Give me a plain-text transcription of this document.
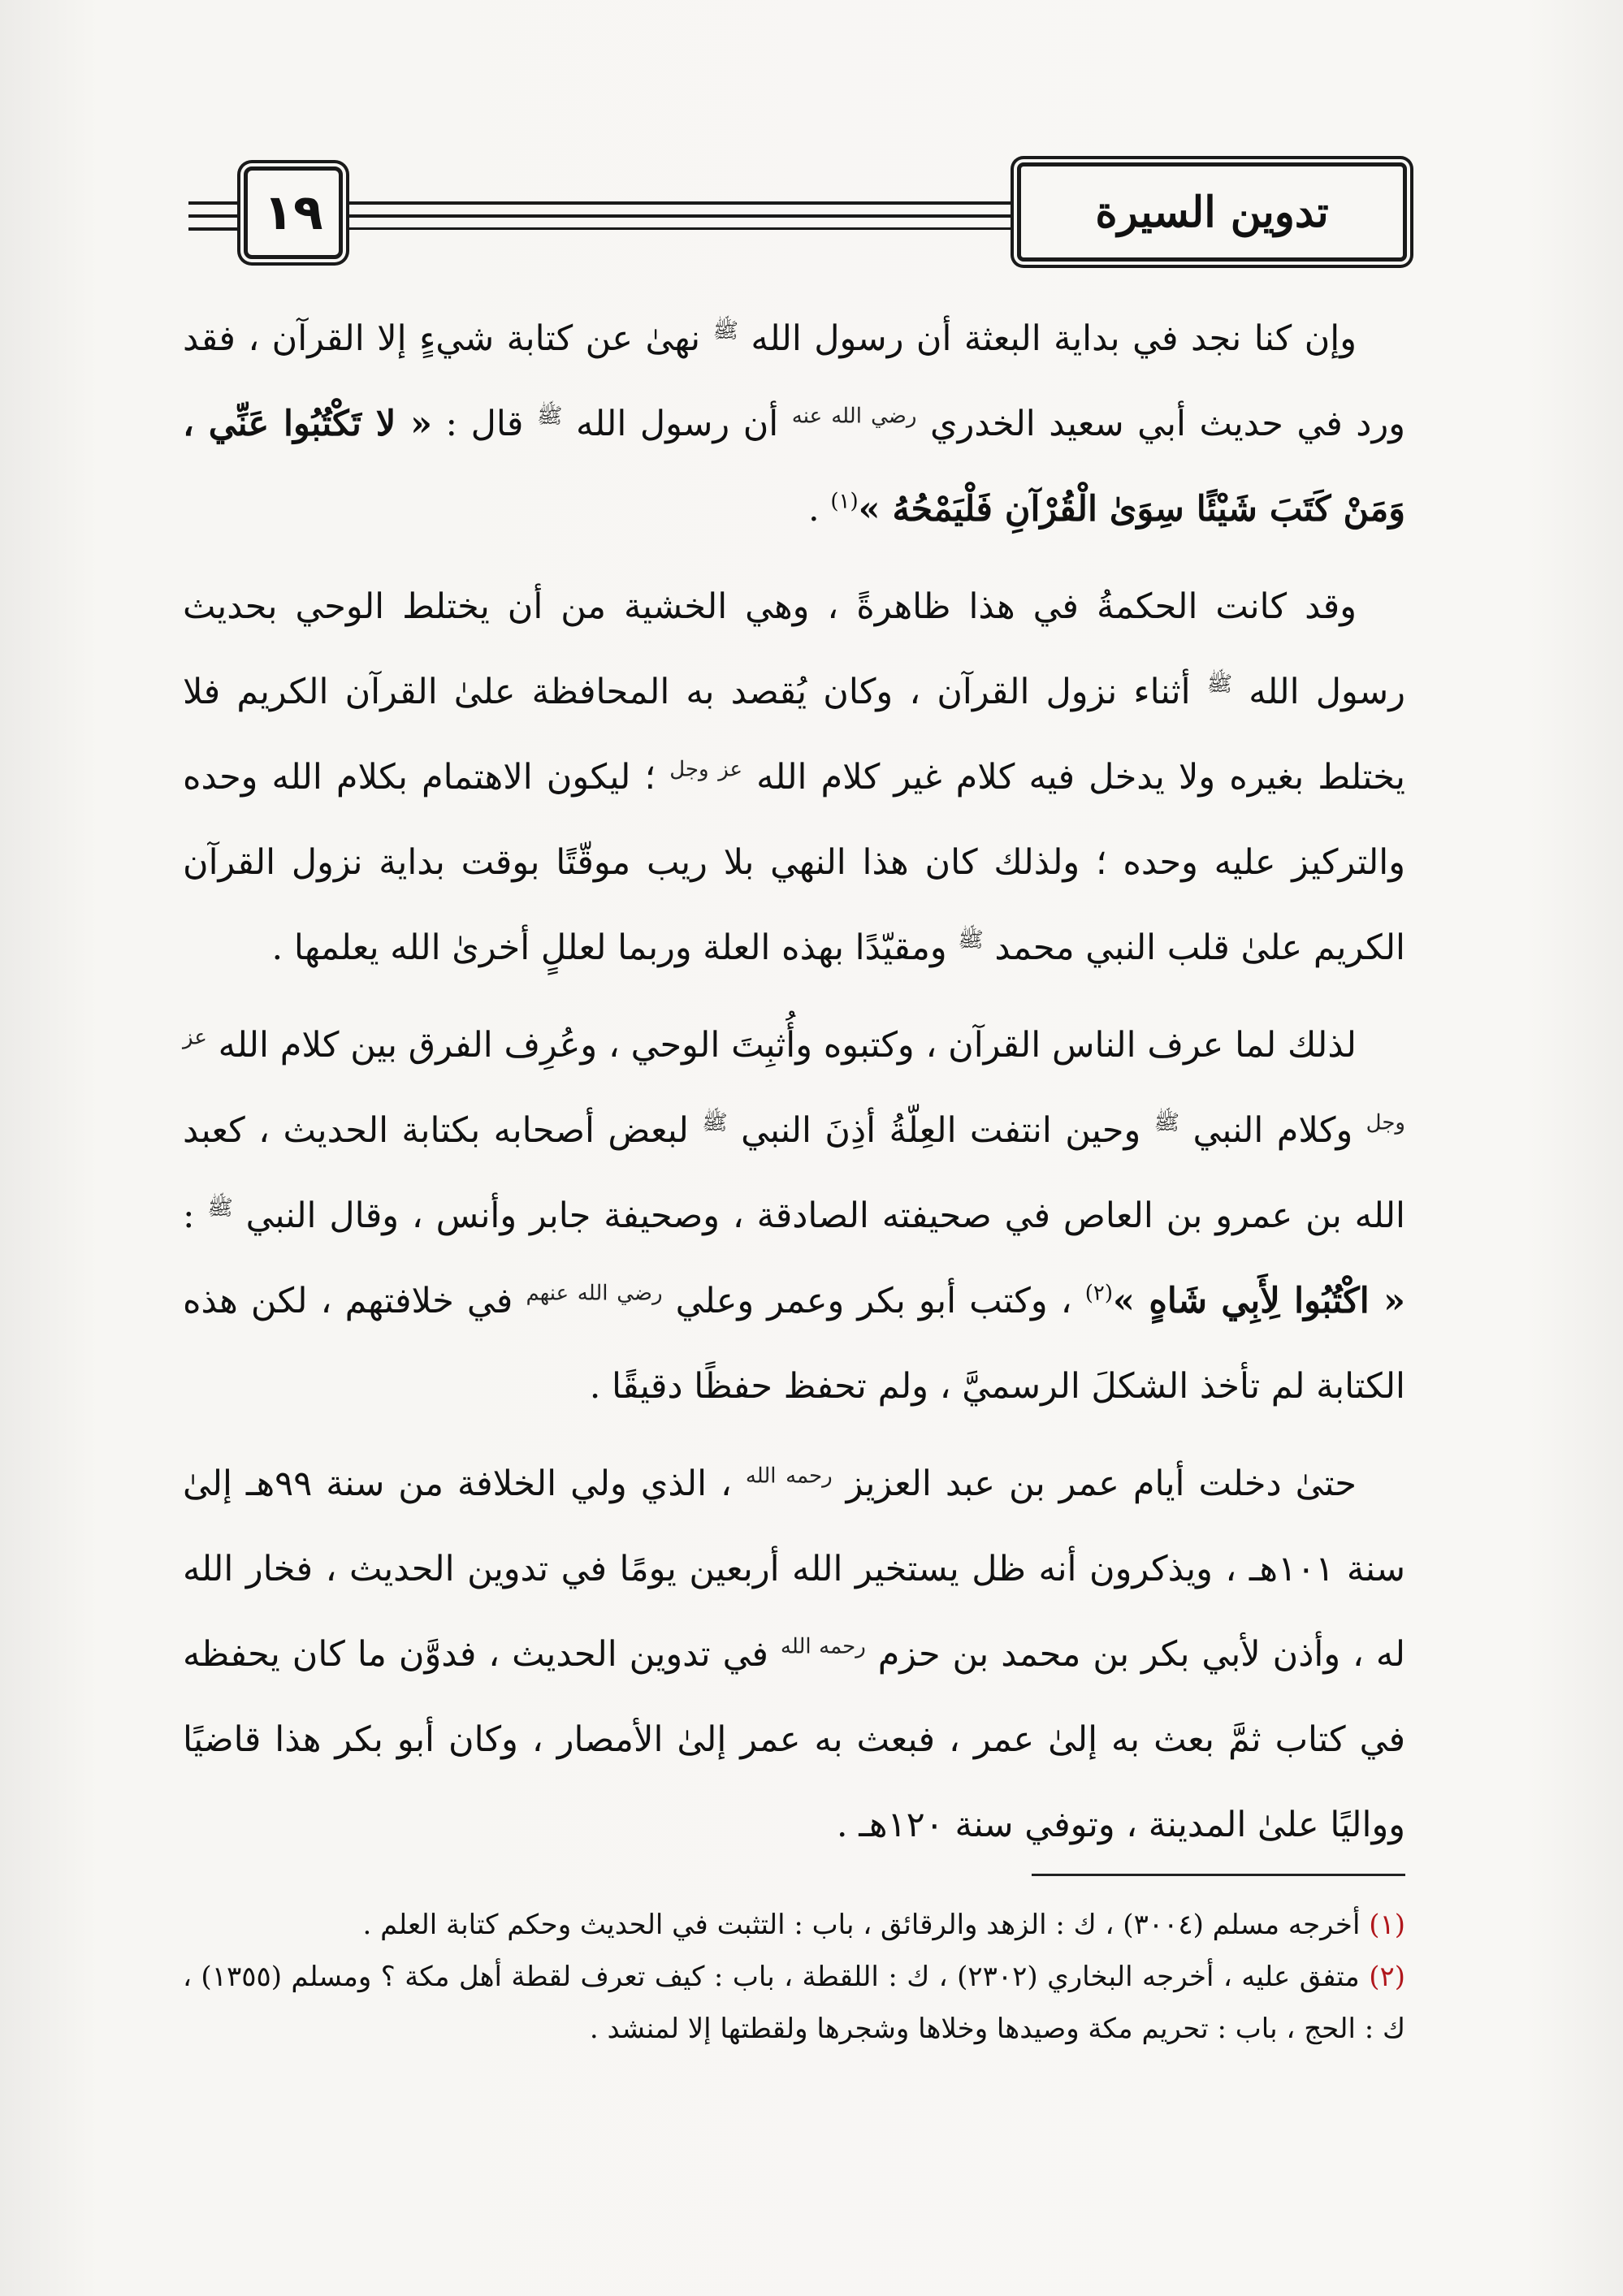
١٩	تدوين السيرة

وإن كنا نجد في بداية البعثة أن رسول الله $^ﷺ$ نهىٰ عن كتابة شيءٍ إلا القرآن ، فقد ورد في حديث أبي سعيد الخدري $^{رضي الله عنه}$ أن رسول الله $^ﷺ$ قال : « لا تَكْتُبُوا عَنِّي ، وَمَنْ كَتَبَ شَيْئًا سِوَىٰ الْقُرْآنِ فَلْيَمْحُهُ »$^{(١)}$ .

وقد كانت الحكمةُ في هذا ظاهرةً ، وهي الخشية من أن يختلط الوحي بحديث رسول الله $^ﷺ$ أثناء نزول القرآن ، وكان يُقصد به المحافظة علىٰ القرآن الكريم فلا يختلط بغيره ولا يدخل فيه كلام غير كلام الله $^{عز وجل}$ ؛ ليكون الاهتمام بكلام الله وحده والتركيز عليه وحده ؛ ولذلك كان هذا النهي بلا ريب موقّتًا بوقت بداية نزول القرآن الكريم علىٰ قلب النبي محمد $^ﷺ$ ومقيّدًا بهذه العلة وربما لعللٍ أخرىٰ الله يعلمها .

لذلك لما عرف الناس القرآن ، وكتبوه وأُثبِتَ الوحي ، وعُرِف الفرق بين كلام الله $^{عز وجل}$ وكلام النبي $^ﷺ$ وحين انتفت العِلّةُ أذِنَ النبي $^ﷺ$ لبعض أصحابه بكتابة الحديث ، كعبد الله بن عمرو بن العاص في صحيفته الصادقة ، وصحيفة جابر وأنس ، وقال النبي $^ﷺ$ : « اكْتُبُوا لِأَبِي شَاهٍ »$^{(٢)}$ ، وكتب أبو بكر وعمر وعلي $^{رضي الله عنهم}$ في خلافتهم ، لكن هذه الكتابة لم تأخذ الشكلَ الرسميَّ ، ولم تحفظ حفظًا دقيقًا .

حتىٰ دخلت أيام عمر بن عبد العزيز $^{رحمه الله}$ ، الذي ولي الخلافة من سنة ٩٩هـ إلىٰ سنة ١٠١هـ ، ويذكرون أنه ظل يستخير الله أربعين يومًا في تدوين الحديث ، فخار الله له ، وأذن لأبي بكر بن محمد بن حزم $^{رحمه الله}$ في تدوين الحديث ، فدوَّن ما كان يحفظه في كتاب ثمَّ بعث به إلىٰ عمر ، فبعث به عمر إلىٰ الأمصار ، وكان أبو بكر هذا قاضيًا وواليًا علىٰ المدينة ، وتوفي سنة ١٢٠هـ .

(١) أخرجه مسلم (٣٠٠٤) ، ك : الزهد والرقائق ، باب : التثبت في الحديث وحكم كتابة العلم .

(٢) متفق عليه ، أخرجه البخاري (٢٣٠٢) ، ك : اللقطة ، باب : كيف تعرف لقطة أهل مكة ؟ ومسلم (١٣٥٥) ، ك : الحج ، باب : تحريم مكة وصيدها وخلاها وشجرها ولقطتها إلا لمنشد .
